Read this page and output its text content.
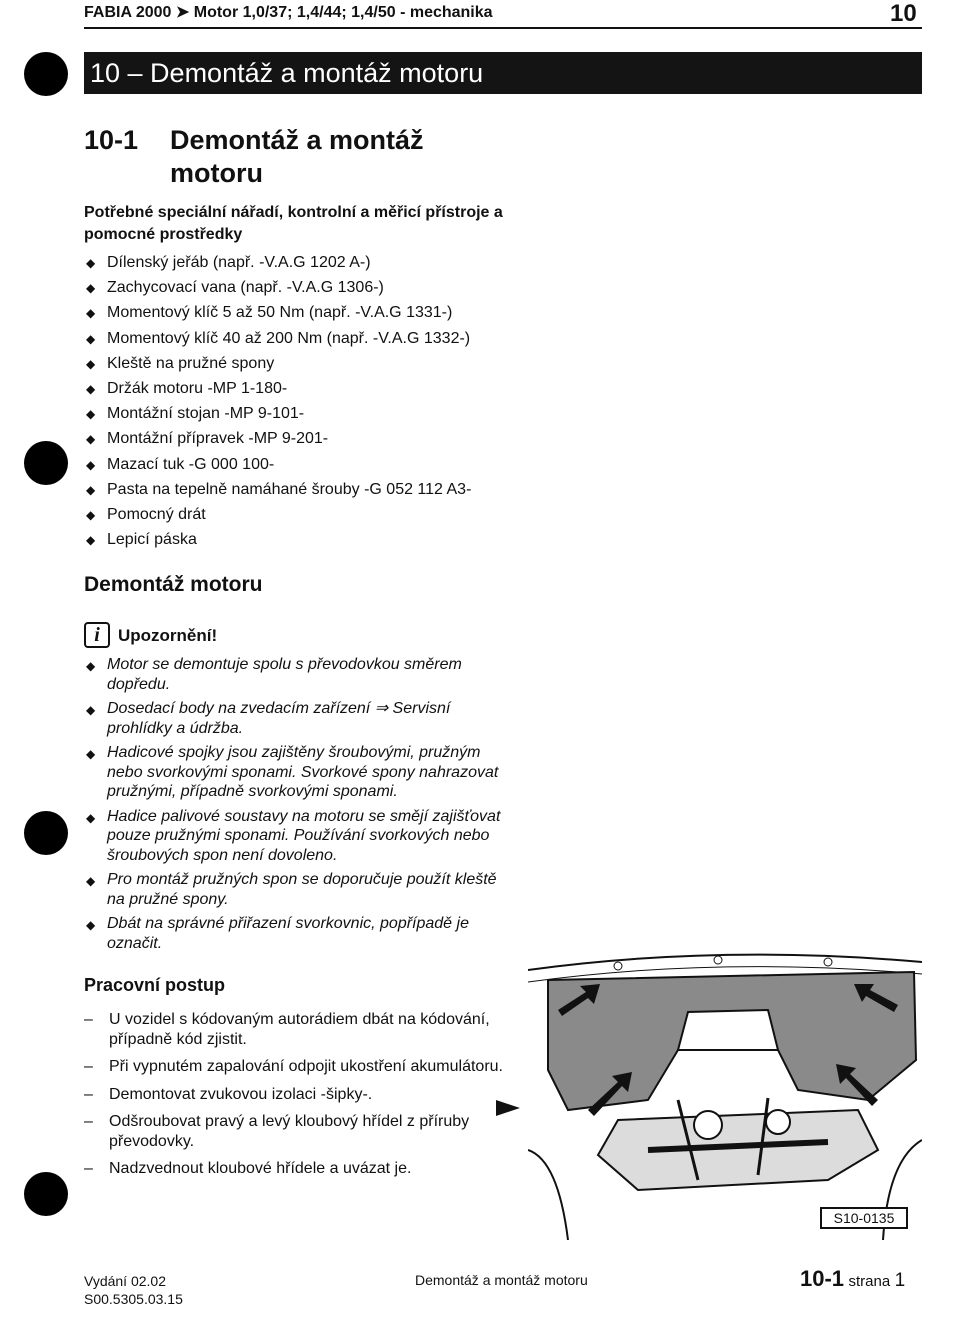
FABIA 2000 ➤ Motor 1,0/37; 1,4/44; 1,4/50 - mechanika	10
10 – Demontáž a montáž motoru
10-1 Demontáž a montáž motoru
Potřebné speciální nářadí, kontrolní a měřicí přístroje a pomocné prostředky
◆ Dílenský jeřáb (např. -V.A.G 1202 A-)
◆ Zachycovací vana (např. -V.A.G 1306-)
◆ Momentový klíč 5 až 50 Nm (např. -V.A.G 1331-)
◆ Momentový klíč 40 až 200 Nm (např. -V.A.G 1332-)
◆ Kleště na pružné spony
◆ Držák motoru -MP 1-180-
◆ Montážní stojan -MP 9-101-
◆ Montážní přípravek -MP 9-201-
◆ Mazací tuk -G 000 100-
◆ Pasta na tepelně namáhané šrouby -G 052 112 A3-
◆ Pomocný drát
◆ Lepicí páska
Demontáž motoru
i	Upozornění!
◆ Motor se demontuje spolu s převodovkou směrem dopředu.
◆ Dosedací body na zvedacím zařízení ⇒ Servisní prohlídky a údržba.
◆ Hadicové spojky jsou zajištěny šroubovými, pružným nebo svorkovými sponami. Svorkové spony nahrazovat pružnými, případně svorkovými sponami.
◆ Hadice palivové soustavy na motoru se smějí zajišťovat pouze pružnými sponami. Používání svorkových nebo šroubových spon není dovoleno.
◆ Pro montáž pružných spon se doporučuje použít kleště na pružné spony.
◆ Dbát na správné přiřazení svorkovnic, popřípadě je označit.
Pracovní postup
– U vozidel s kódovaným autorádiem dbát na kódování, případně kód zjistit.
– Při vypnutém zapalování odpojit ukostření akumulátoru.
– Demontovat zvukovou izolaci -šipky-.
– Odšroubovat pravý a levý kloubový hřídel z příruby převodovky.
– Nadzvednout kloubové hřídele a uvázat je.
S10-0135
Vydání 02.02
S00.5305.03.15
Demontáž a montáž motoru	10-1 strana 1
